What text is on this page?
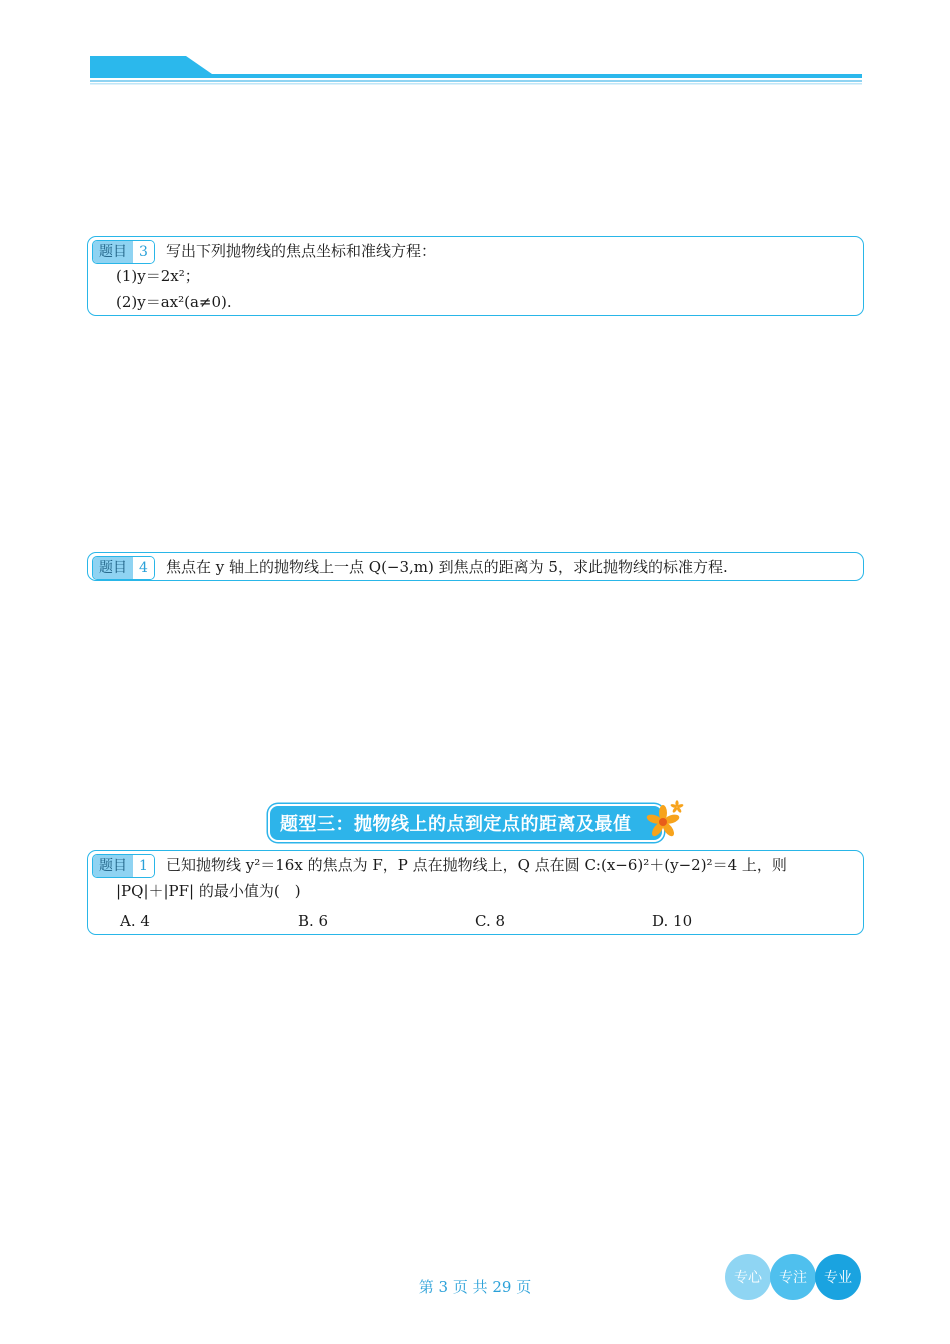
题目 3	写出下列抛物线的焦点坐标和准线方程：
(1)y＝2x²；
(2)y＝ax²(a≠0).
题目 4	焦点在 y 轴上的抛物线上一点 Q(−3,m) 到焦点的距离为 5，求此抛物线的标准方程.
题型三：抛物线上的点到定点的距离及最值
题目 1	已知抛物线 y²＝16x 的焦点为 F，P 点在抛物线上，Q 点在圆 C:(x−6)²＋(y−2)²＝4 上，则
|PQ|＋|PF| 的最小值为(　)
A. 4	B. 6	C. 8	D. 10
第 3 页 共 29 页	专心	专注	专业
